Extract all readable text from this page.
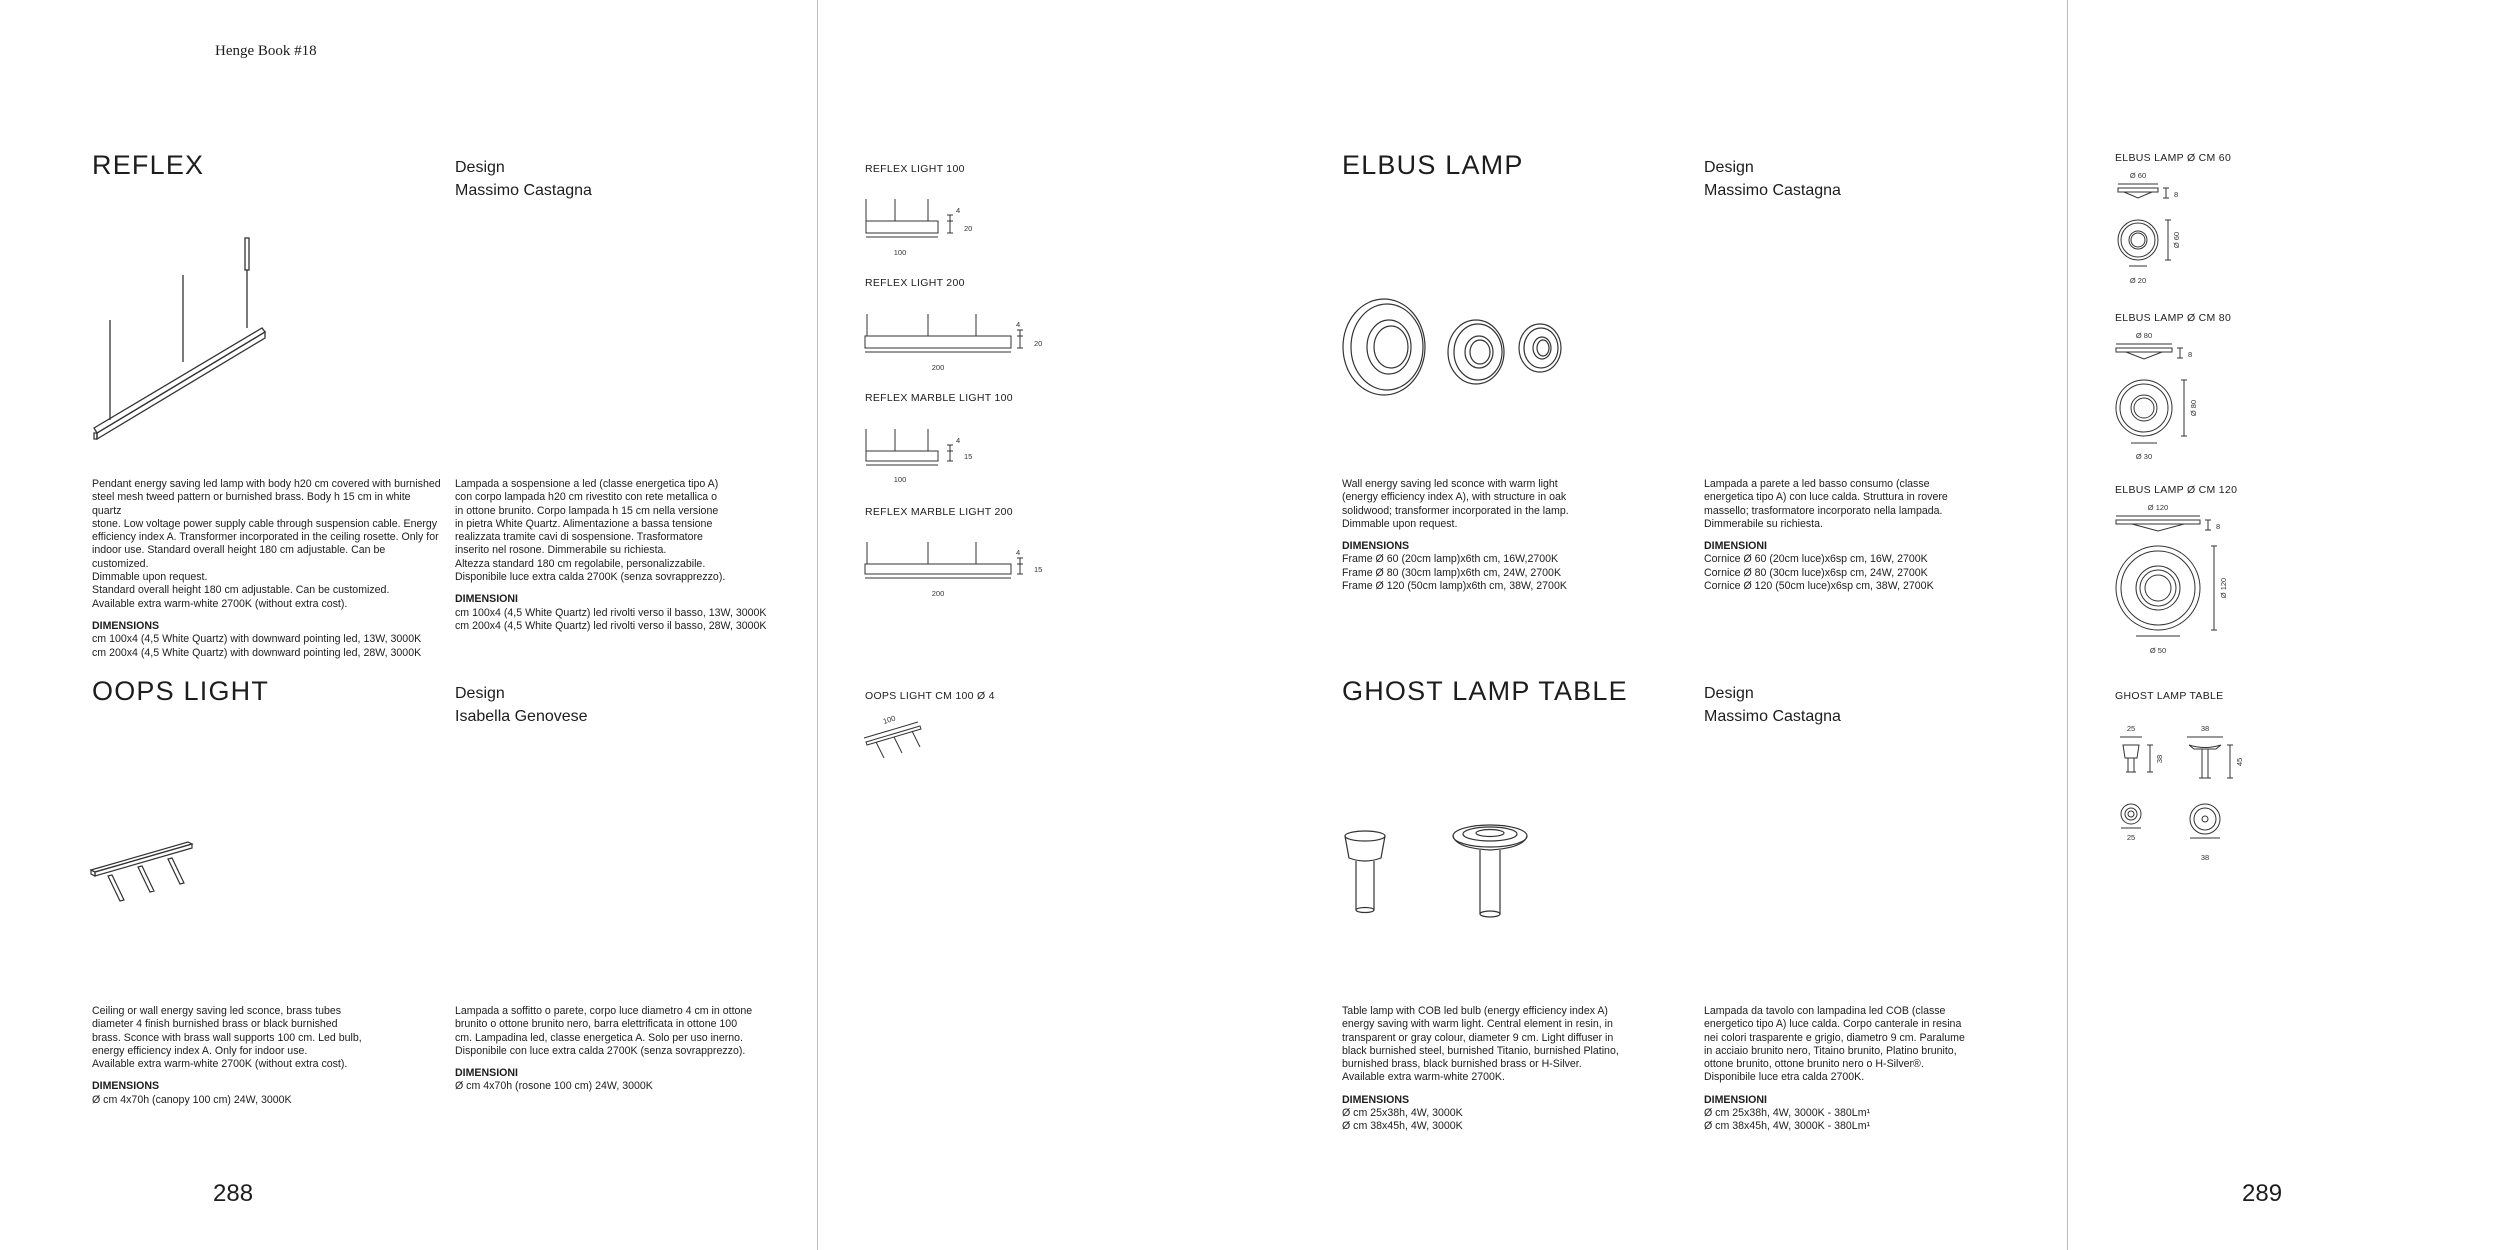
Henge Book #18
REFLEX	Design
Massimo Castagna
Pendant energy saving led lamp with body h20 cm covered with burnished
steel mesh tweed pattern or burnished brass. Body h 15 cm in white quartz
stone. Low voltage power supply cable through suspension cable. Energy
efficiency index A. Transformer incorporated in the ceiling rosette. Only for
indoor use. Standard overall height 180 cm adjustable. Can be customized.
Dimmable upon request.
Standard overall height 180 cm adjustable. Can be customized.
Available extra warm-white 2700K (without extra cost).
DIMENSIONS
cm 100x4 (4,5 White Quartz) with downward pointing led, 13W, 3000K
cm 200x4 (4,5 White Quartz) with downward pointing led, 28W, 3000K
Lampada a sospensione a led (classe energetica tipo A)
con corpo lampada h20 cm rivestito con rete metallica o
in ottone brunito. Corpo lampada h 15 cm nella versione
in pietra White Quartz. Alimentazione a bassa tensione
realizzata tramite cavi di sospensione. Trasformatore
inserito nel rosone. Dimmerabile su richiesta.
Altezza standard 180 cm regolabile, personalizzabile.
Disponibile luce extra calda 2700K (senza sovrapprezzo).
DIMENSIONI
cm 100x4 (4,5 White Quartz) led rivolti verso il basso, 13W, 3000K
cm 200x4 (4,5 White Quartz) led rivolti verso il basso, 28W, 3000K
OOPS LIGHT	Design
Isabella Genovese
Ceiling or wall energy saving led sconce, brass tubes
diameter 4 finish burnished brass or black burnished
brass. Sconce with brass wall supports 100 cm. Led bulb,
energy efficiency index A. Only for indoor use.
Available extra warm-white 2700K (without extra cost).
DIMENSIONS
Ø cm 4x70h (canopy 100 cm) 24W, 3000K
Lampada a soffitto o parete, corpo luce diametro 4 cm in ottone
brunito o ottone brunito nero, barra elettrificata in ottone 100
cm. Lampadina led, classe energetica A. Solo per uso inerno.
Disponibile con luce extra calda 2700K (senza sovrapprezzo).
DIMENSIONI
Ø cm 4x70h (rosone 100 cm) 24W, 3000K
288
REFLEX LIGHT 100
100
4
20
REFLEX LIGHT 200
200
4
20
REFLEX MARBLE LIGHT 100
100
4
15
REFLEX MARBLE LIGHT 200
200
4
15
OOPS LIGHT CM 100 Ø 4
100
ELBUS LAMP	Design
Massimo Castagna
Wall energy saving led sconce with warm light
(energy efficiency index A), with structure in oak
solidwood; transformer incorporated in the lamp.
Dimmable upon request.
DIMENSIONS
Frame Ø 60 (20cm lamp)x6th cm, 16W,2700K
Frame Ø 80 (30cm lamp)x6th cm, 24W, 2700K
Frame Ø 120 (50cm lamp)x6th cm, 38W, 2700K
Lampada a parete a led basso consumo (classe
energetica tipo A) con luce calda. Struttura in rovere
massello; trasformatore incorporato nella lampada.
Dimmerabile su richiesta.
DIMENSIONI
Cornice Ø 60 (20cm luce)x6sp cm, 16W, 2700K
Cornice Ø 80 (30cm luce)x6sp cm, 24W, 2700K
Cornice Ø 120 (50cm luce)x6sp cm, 38W, 2700K
GHOST LAMP TABLE	Design
Massimo Castagna
Table lamp with COB led bulb (energy efficiency index A)
energy saving with warm light. Central element in resin, in
transparent or gray colour, diameter 9 cm. Light diffuser in
black burnished steel, burnished Titanio, burnished Platino,
burnished brass, black burnished brass or H-Silver.
Available extra warm-white 2700K.
DIMENSIONS
Ø cm 25x38h, 4W, 3000K
Ø cm 38x45h, 4W, 3000K
Lampada da tavolo con lampadina led COB (classe
energetico tipo A) luce calda. Corpo canterale in resina
nei colori trasparente e grigio, diametro 9 cm. Paralume
in acciaio brunito nero, Titaino brunito, Platino brunito,
ottone brunito, ottone brunito nero o H-Silver®.
Disponibile luce etra calda 2700K.
DIMENSIONI
Ø cm 25x38h, 4W, 3000K - 380Lm¹
Ø cm 38x45h, 4W, 3000K - 380Lm¹
ELBUS LAMP Ø CM 60
Ø 60
8
Ø 60
Ø 20
ELBUS LAMP Ø CM 80
Ø 80
8
Ø 80
Ø 30
ELBUS LAMP Ø CM 120
Ø 120
8
Ø 120
Ø 50
GHOST LAMP TABLE
25	38
38	45
25
38
289
